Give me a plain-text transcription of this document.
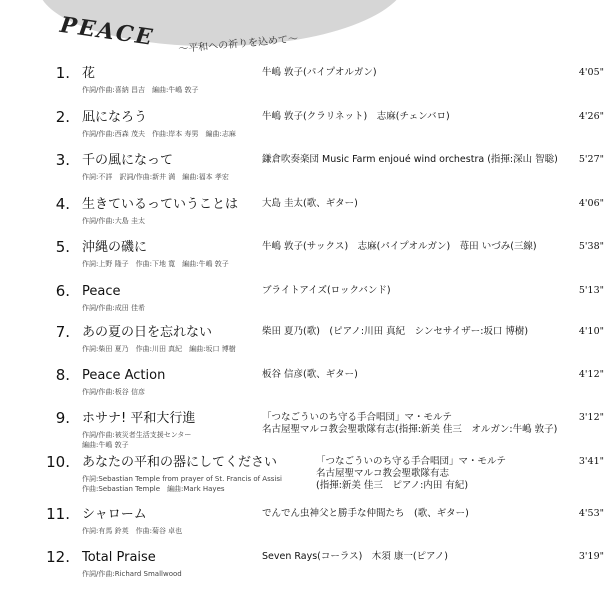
PEACE 〜平和への祈りを込めて〜
1. 花
作詞/作曲:喜納 昌吉　編曲:牛嶋 敦子
牛嶋 敦子(パイプオルガン)	4'05"
2. 凪になろう
作詞/作曲:西森 茂夫　作曲:岸本 寿男　編曲:志麻
牛嶋 敦子(クラリネット)　志麻(チェンバロ)	4'26"
3. 千の風になって
作詞:不詳　訳詞/作曲:新井 満　編曲:福本 孝宏
鎌倉吹奏楽団 Music Farm enjoué wind orchestra (指揮:深山 智聡) 5'27"
4. 生きているっていうことは
作詞/作曲:大島 圭太
大島 圭太(歌、ギター)	4'06"
5. 沖縄の磯に
作詞:上野 隆子　作曲:下地 寛　編曲:牛嶋 敦子
牛嶋 敦子(サックス)　志麻(パイプオルガン)　苺田 いづみ(三線)	5'38"
6. Peace
作詞/作曲:成田 佳希
ブライトアイズ(ロックバンド)	5'13"
7. あの夏の日を忘れない
作詞:柴田 夏乃　作曲:川田 真紀　編曲:坂口 博樹
柴田 夏乃(歌)　(ピアノ:川田 真紀　シンセサイザー:坂口 博樹)	4'10"
8. Peace Action
作詞/作曲:板谷 信彦
板谷 信彦(歌、ギター)	4'12"
9. ホサナ! 平和大行進
作詞/作曲:被災者生活支援センター
編曲:牛嶋 敦子
「つなごういのち守る手合唱団」マ・モルテ
名古屋聖マルコ教会聖歌隊有志(指揮:新美 佳三　オルガン:牛嶋 敦子)
3'12"
10. あなたの平和の器にしてください
作詞:Sebastian Temple from prayer of St. Francis of Assisi
作曲:Sebastian Temple　編曲:Mark Hayes
「つなごういのち守る手合唱団」マ・モルテ
名古屋聖マルコ教会聖歌隊有志
(指揮:新美 佳三　ピアノ:内田 有紀)
3'41"
11. シャローム
作詞:有馬 鈴英　作曲:菊谷 卓也
でんでん虫神父と勝手な仲間たち　(歌、ギター)	4'53"
12. Total Praise
作詞/作曲:Richard Smallwood
Seven Rays(コーラス)　木須 康一(ピアノ)	3'19"
